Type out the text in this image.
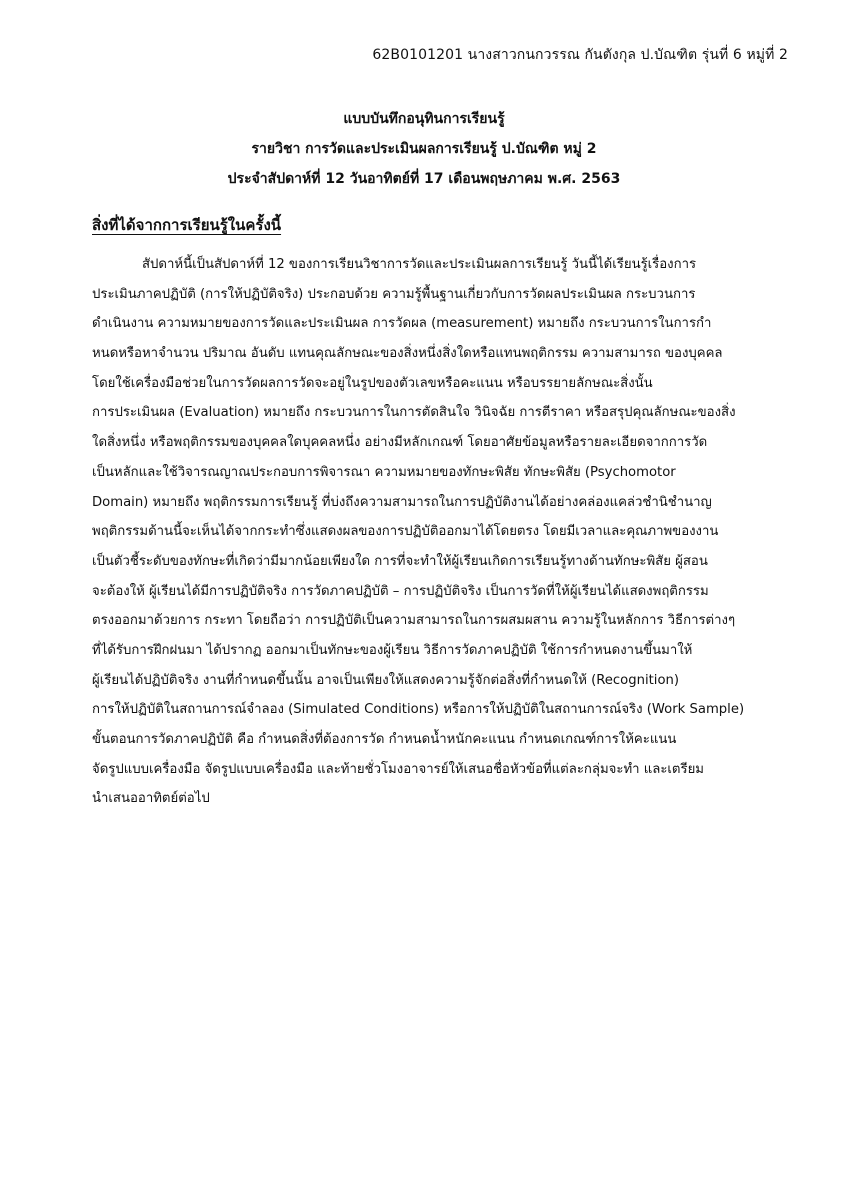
62B0101201 นางสาวกนกวรรณ กันตังกุล ป.บัณฑิต รุ่นที่ 6 หมู่ที่ 2
แบบบันทึกอนุทินการเรียนรู้
รายวิชา การวัดและประเมินผลการเรียนรู้ ป.บัณฑิต หมู่ 2
ประจำสัปดาห์ที่ 12 วันอาทิตย์ที่ 17 เดือนพฤษภาคม พ.ศ. 2563
สิ่งที่ได้จากการเรียนรู้ในครั้งนี้
สัปดาห์นี้เป็นสัปดาห์ที่ 12 ของการเรียนวิชาการวัดและประเมินผลการเรียนรู้ วันนี้ได้เรียนรู้เรื่องการ
ประเมินภาคปฏิบัติ (การให้ปฏิบัติจริง) ประกอบด้วย ความรู้พื้นฐานเกี่ยวกับการวัดผลประเมินผล กระบวนการ
ดำเนินงาน ความหมายของการวัดและประเมินผล การวัดผล (measurement) หมายถึง กระบวนการในการกำ
หนดหรือหาจำนวน ปริมาณ อันดับ แทนคุณลักษณะของสิ่งหนึ่งสิ่งใดหรือแทนพฤติกรรม ความสามารถ ของบุคคล
โดยใช้เครื่องมือช่วยในการวัดผลการวัดจะอยู่ในรูปของตัวเลขหรือคะแนน หรือบรรยายลักษณะสิ่งนั้น
การประเมินผล (Evaluation) หมายถึง กระบวนการในการตัดสินใจ วินิจฉัย การตีราคา หรือสรุปคุณลักษณะของสิ่ง
ใดสิ่งหนึ่ง หรือพฤติกรรมของบุคคลใดบุคคลหนึ่ง อย่างมีหลักเกณฑ์ โดยอาศัยข้อมูลหรือรายละเอียดจากการวัด
เป็นหลักและใช้วิจารณญาณประกอบการพิจารณา ความหมายของทักษะพิสัย ทักษะพิสัย (Psychomotor
Domain) หมายถึง พฤติกรรมการเรียนรู้ ที่บ่งถึงความสามารถในการปฏิบัติงานได้อย่างคล่องแคล่วชำนิชำนาญ
พฤติกรรมด้านนี้จะเห็นได้จากกระทำซึ่งแสดงผลของการปฏิบัติออกมาได้โดยตรง โดยมีเวลาและคุณภาพของงาน
เป็นตัวชี้ระดับของทักษะที่เกิดว่ามีมากน้อยเพียงใด การที่จะทำให้ผู้เรียนเกิดการเรียนรู้ทางด้านทักษะพิสัย ผู้สอน
จะต้องให้ ผู้เรียนได้มีการปฏิบัติจริง การวัดภาคปฏิบัติ – การปฏิบัติจริง เป็นการวัดที่ให้ผู้เรียนได้แสดงพฤติกรรม
ตรงออกมาด้วยการ กระทา โดยถือว่า การปฏิบัติเป็นความสามารถในการผสมผสาน ความรู้ในหลักการ วิธีการต่างๆ
ที่ได้รับการฝึกฝนมา ได้ปรากฏ ออกมาเป็นทักษะของผู้เรียน วิธีการวัดภาคปฏิบัติ ใช้การกำหนดงานขึ้นมาให้
ผู้เรียนได้ปฏิบัติจริง งานที่กำหนดขึ้นนั้น อาจเป็นเพียงให้แสดงความรู้จักต่อสิ่งที่กำหนดให้ (Recognition)
การให้ปฏิบัติในสถานการณ์จำลอง (Simulated Conditions) หรือการให้ปฏิบัติในสถานการณ์จริง (Work Sample)
ขั้นตอนการวัดภาคปฏิบัติ คือ กำหนดสิ่งที่ต้องการวัด กำหนดน้ำหนักคะแนน กำหนดเกณฑ์การให้คะแนน
จัดรูปแบบเครื่องมือ จัดรูปแบบเครื่องมือ และท้ายชั่วโมงอาจารย์ให้เสนอชื่อหัวข้อที่แต่ละกลุ่มจะทำ และเตรียม
นำเสนออาทิตย์ต่อไป
